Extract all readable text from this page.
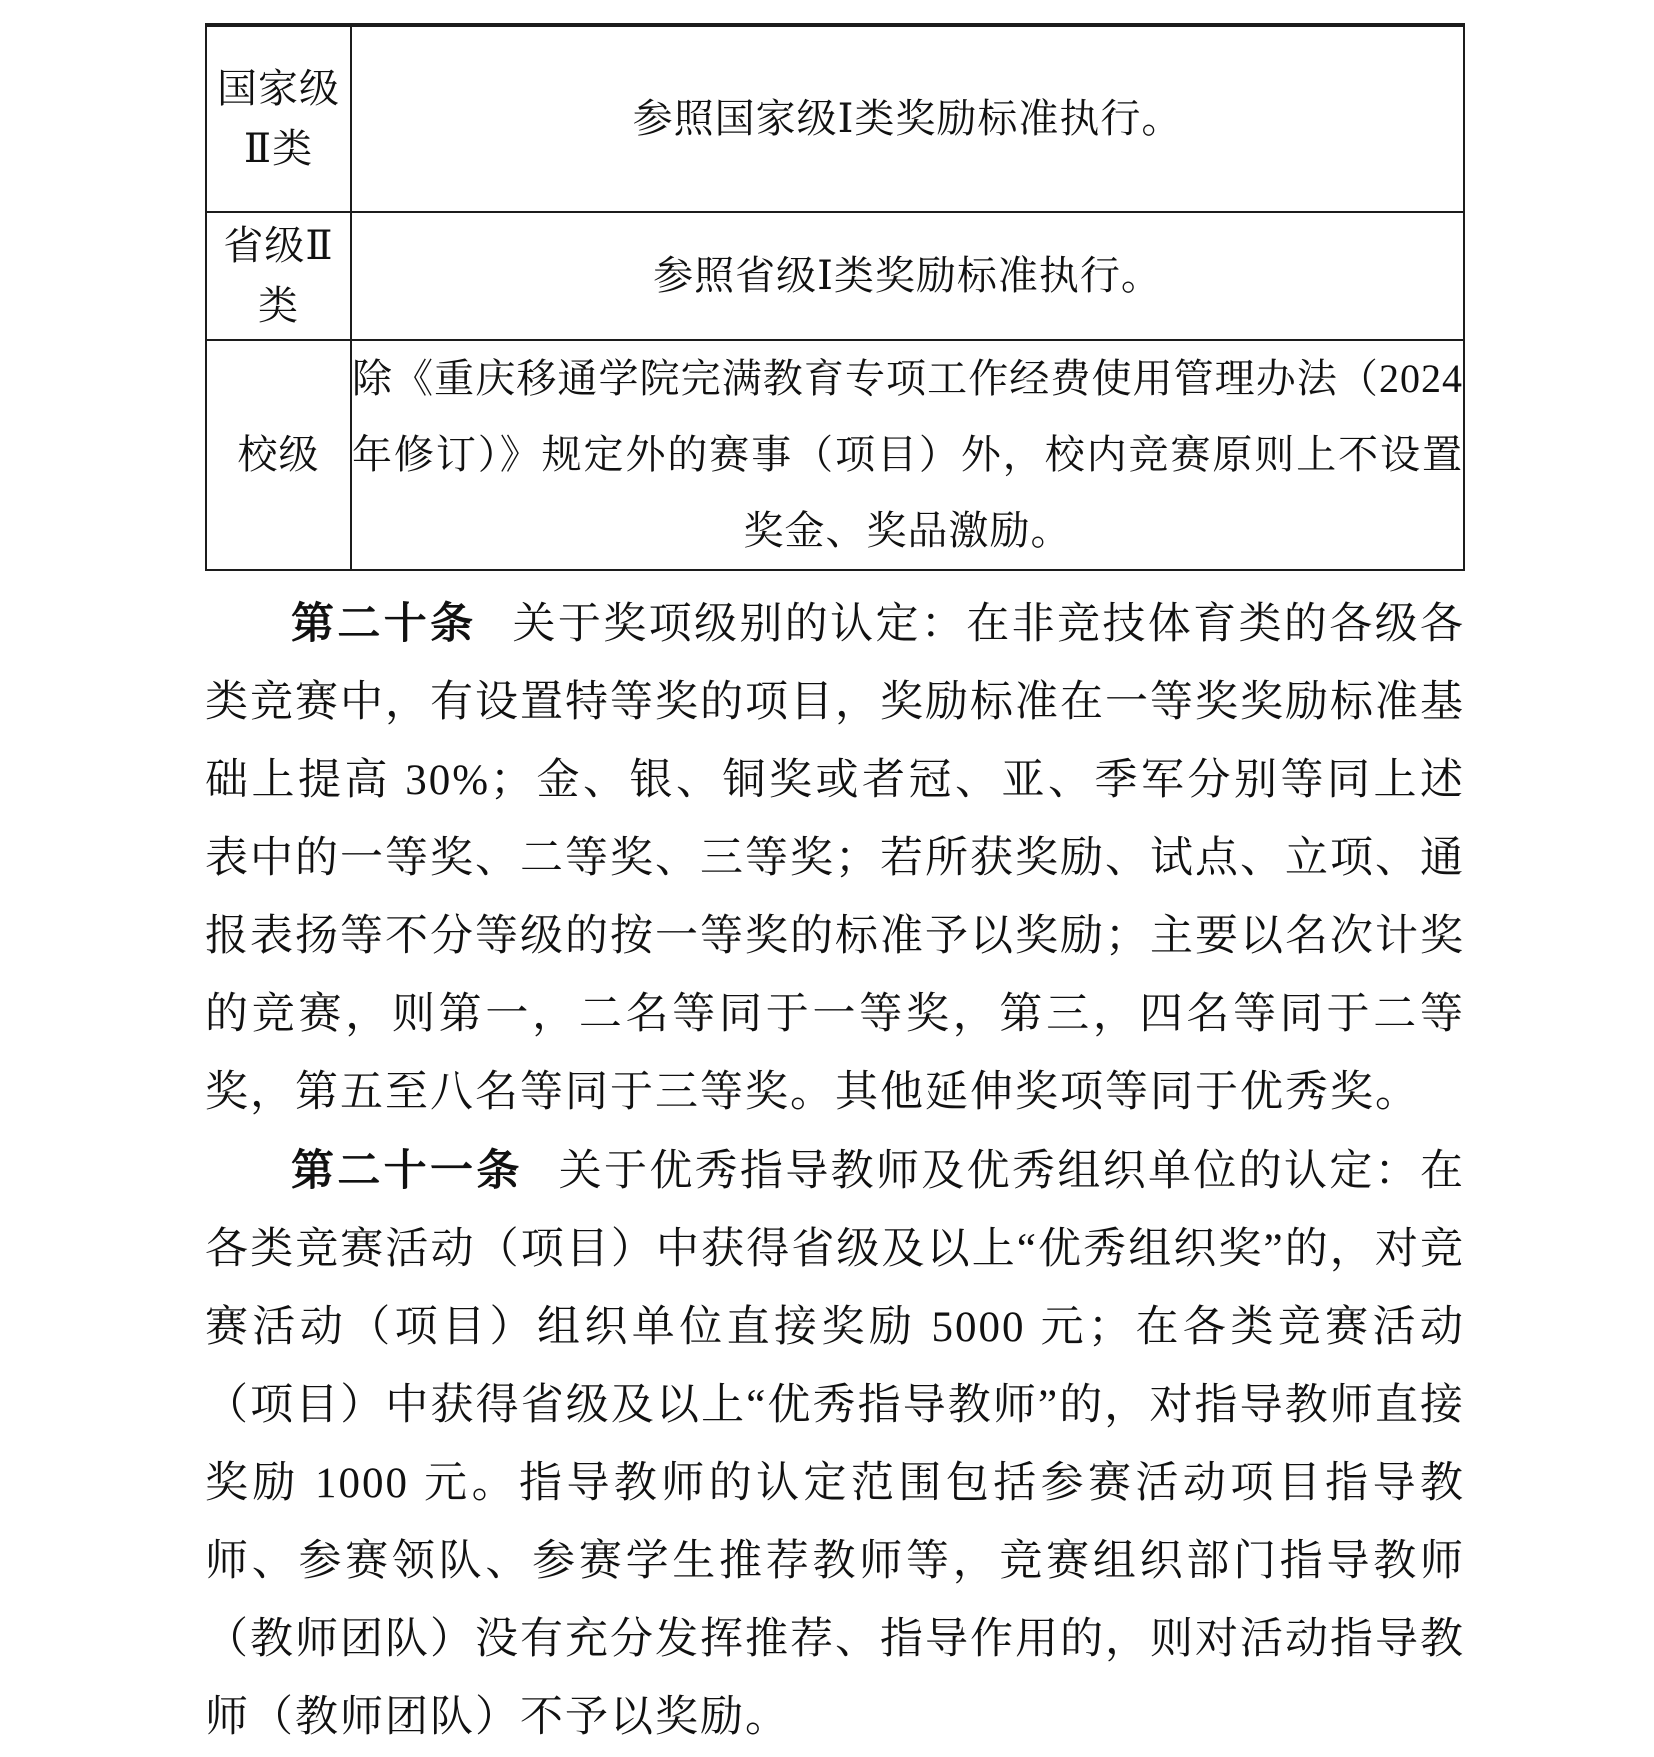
国家级Ⅱ类	参照国家级Ⅰ类奖励标准执行。
省级Ⅱ类	参照省级Ⅰ类奖励标准执行。
校级	除《重庆移通学院完满教育专项工作经费使用管理办法（2024 年修订）》规定外的赛事（项目）外，校内竞赛原则上不设置奖金、奖品激励。

第二十条 关于奖项级别的认定：在非竞技体育类的各级各类竞赛中，有设置特等奖的项目，奖励标准在一等奖奖励标准基础上提高 30%；金、银、铜奖或者冠、亚、季军分别等同上述表中的一等奖、二等奖、三等奖；若所获奖励、试点、立项、通报表扬等不分等级的按一等奖的标准予以奖励；主要以名次计奖的竞赛，则第一，二名等同于一等奖，第三，四名等同于二等奖，第五至八名等同于三等奖。其他延伸奖项等同于优秀奖。

第二十一条 关于优秀指导教师及优秀组织单位的认定：在各类竞赛活动（项目）中获得省级及以上“优秀组织奖”的，对竞赛活动（项目）组织单位直接奖励 5000 元；在各类竞赛活动（项目）中获得省级及以上“优秀指导教师”的，对指导教师直接奖励 1000 元。指导教师的认定范围包括参赛活动项目指导教师、参赛领队、参赛学生推荐教师等，竞赛组织部门指导教师（教师团队）没有充分发挥推荐、指导作用的，则对活动指导教师（教师团队）不予以奖励。
